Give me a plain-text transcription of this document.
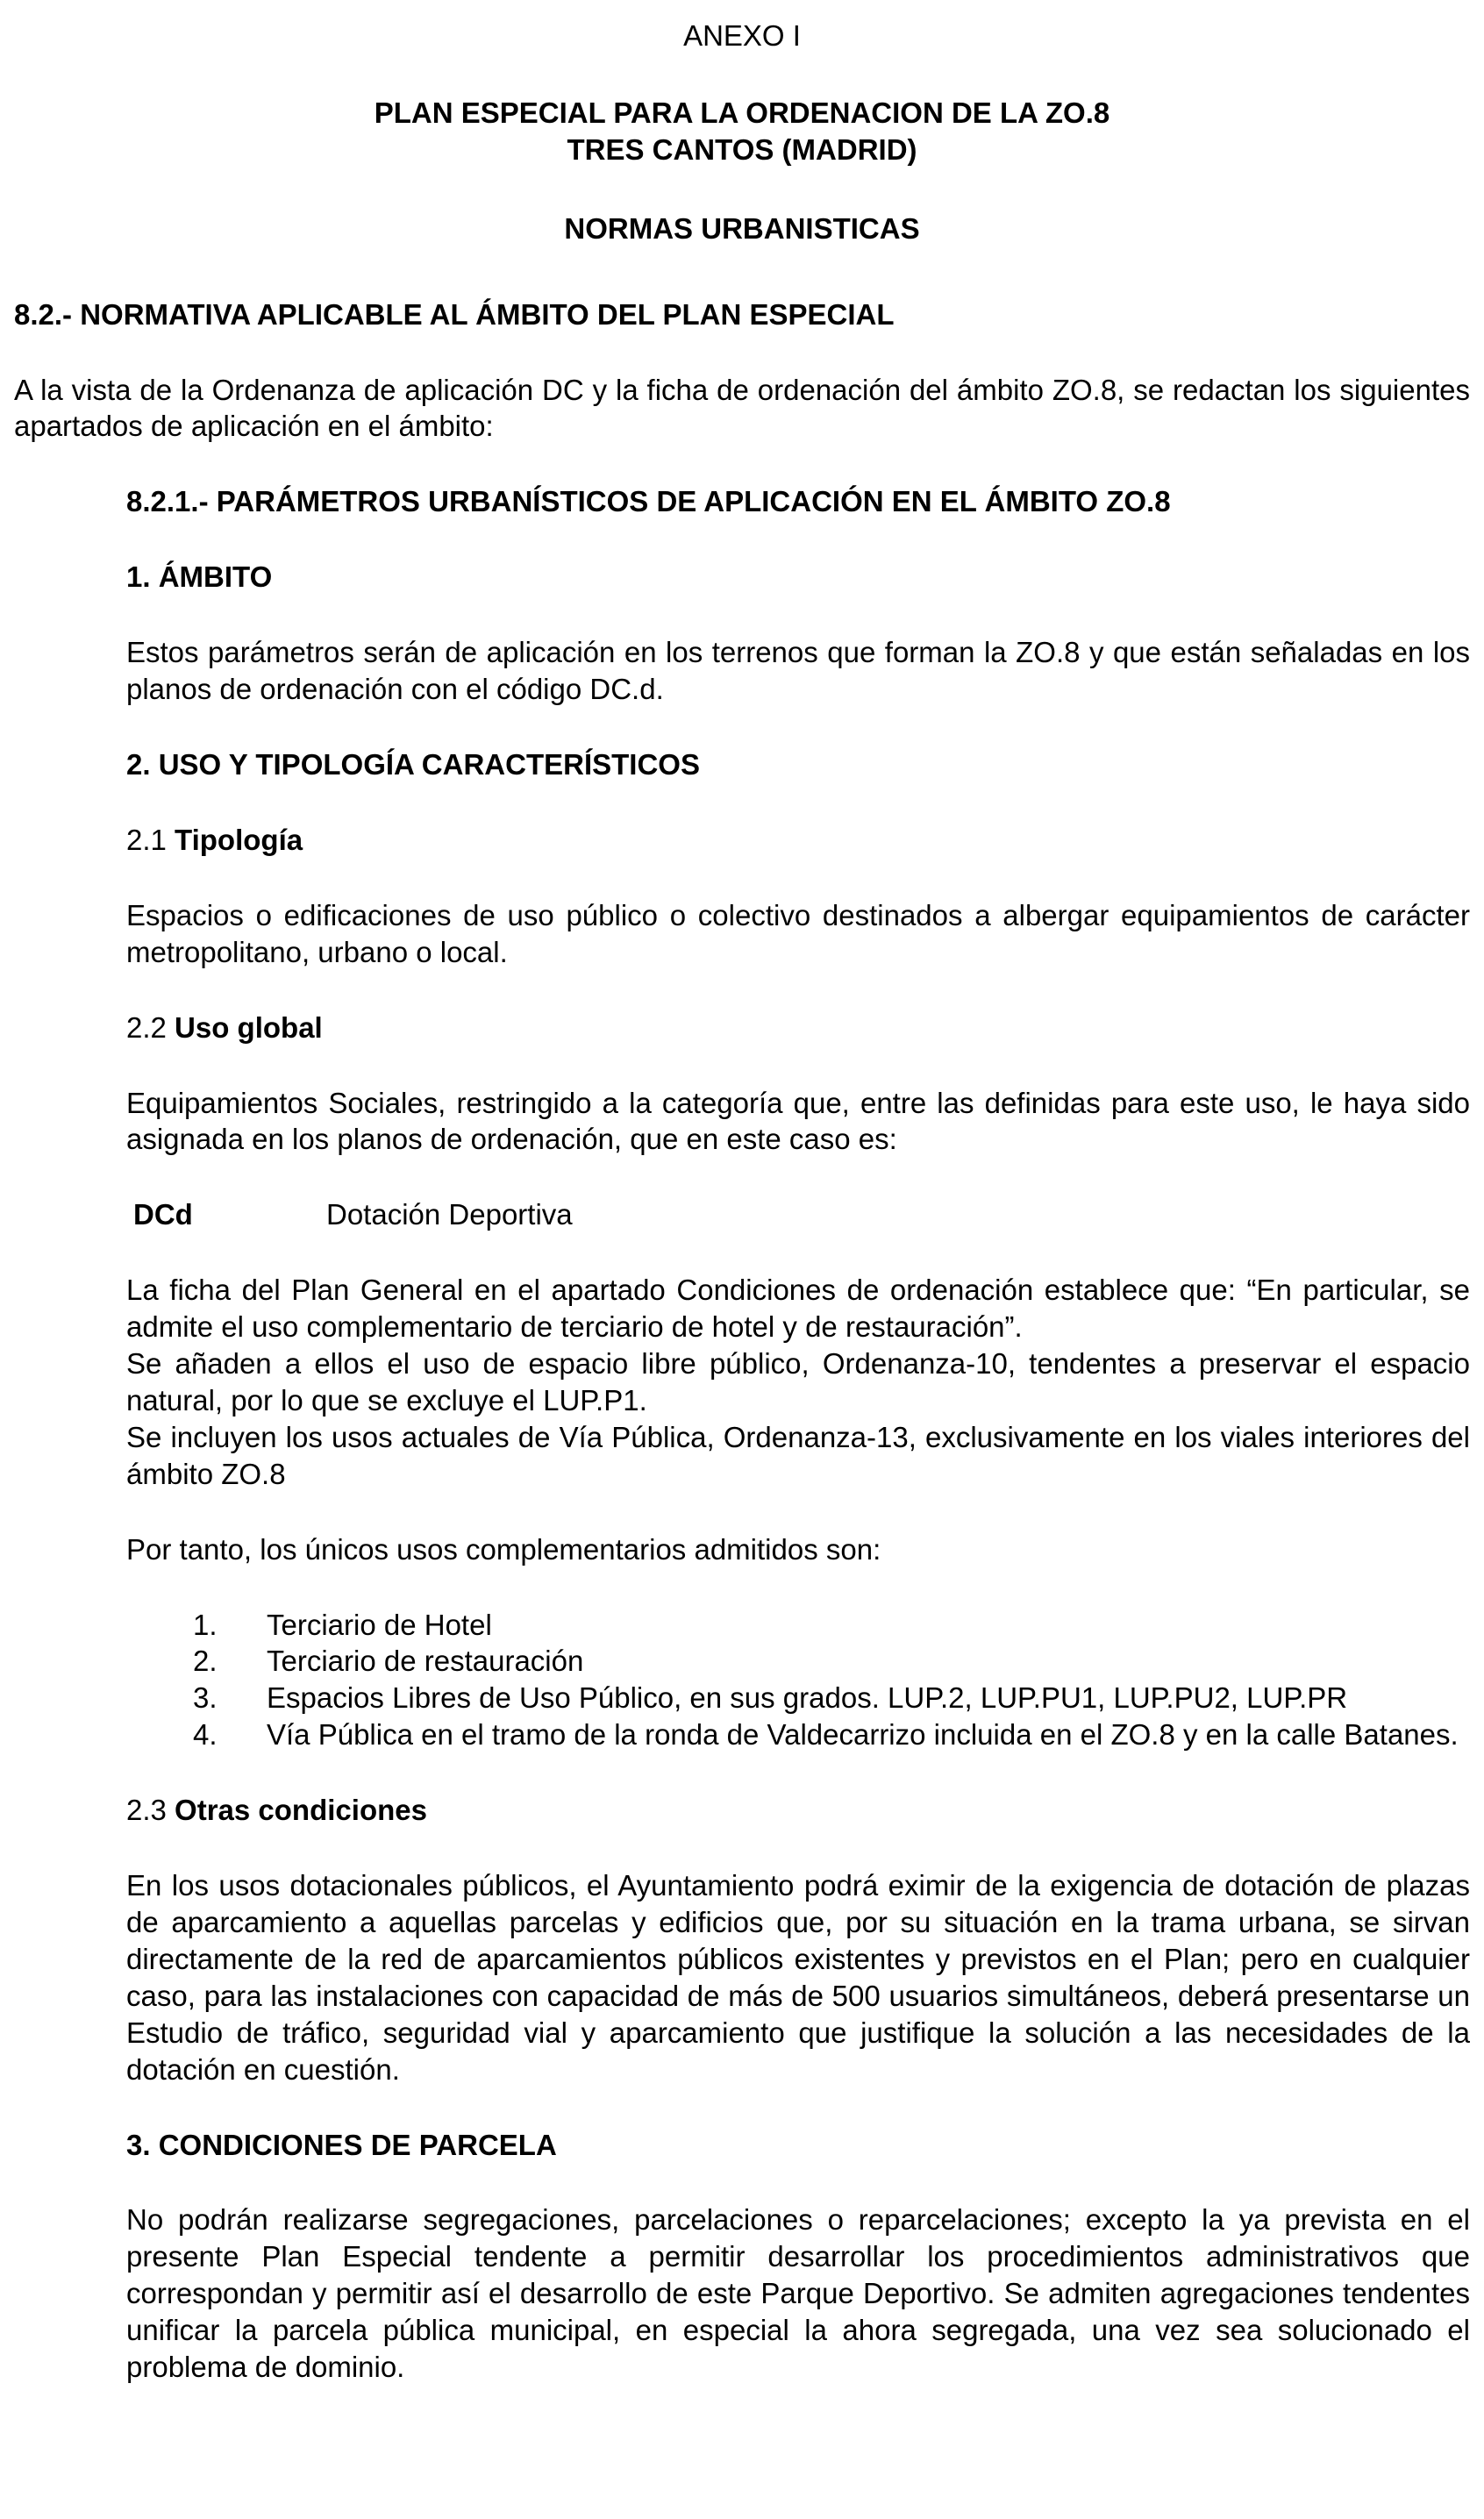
ANEXO I
PLAN ESPECIAL PARA LA ORDENACION DE LA ZO.8
TRES CANTOS (MADRID)
NORMAS URBANISTICAS
8.2.- NORMATIVA APLICABLE AL ÁMBITO DEL PLAN ESPECIAL

A la vista de la Ordenanza de aplicación DC y la ficha de ordenación del ámbito ZO.8, se redactan los siguientes apartados de aplicación en el ámbito:

8.2.1.- PARÁMETROS URBANÍSTICOS DE APLICACIÓN EN EL ÁMBITO ZO.8
1. ÁMBITO

Estos parámetros serán de aplicación en los terrenos que forman la ZO.8 y que están señaladas en los planos de ordenación con el código DC.d.

2. USO Y TIPOLOGÍA CARACTERÍSTICOS
2.1 Tipología

Espacios o edificaciones de uso público o colectivo destinados a albergar equipamientos de carácter metropolitano, urbano o local.

2.2 Uso global

Equipamientos Sociales, restringido a la categoría que, entre las definidas para este uso, le haya sido asignada en los planos de ordenación, que en este caso es:

DCd	Dotación Deportiva

La ficha del Plan General en el apartado Condiciones de ordenación establece que: “En particular, se admite el uso complementario de terciario de hotel y de restauración”.

Se añaden a ellos el uso de espacio libre público, Ordenanza-10, tendentes a preservar el espacio natural, por lo que se excluye el LUP.P1.

Se incluyen los usos actuales de Vía Pública, Ordenanza-13, exclusivamente en los viales interiores del ámbito ZO.8

Por tanto, los únicos usos complementarios admitidos son:

1.	Terciario de Hotel
2.	Terciario de restauración
3.	Espacios Libres de Uso Público, en sus grados. LUP.2, LUP.PU1, LUP.PU2, LUP.PR
4.	Vía Pública en el tramo de la ronda de Valdecarrizo incluida en el ZO.8 y en la calle Batanes.
2.3 Otras condiciones

En los usos dotacionales públicos, el Ayuntamiento podrá eximir de la exigencia de dotación de plazas de aparcamiento a aquellas parcelas y edificios que, por su situación en la trama urbana, se sirvan directamente de la red de aparcamientos públicos existentes y previstos en el Plan; pero en cualquier caso, para las instalaciones con capacidad de más de 500 usuarios simultáneos, deberá presentarse un Estudio de tráfico, seguridad vial y aparcamiento que justifique la solución a las necesidades de la dotación en cuestión.

3. CONDICIONES DE PARCELA

No podrán realizarse segregaciones, parcelaciones o reparcelaciones; excepto la ya prevista en el presente Plan Especial tendente a permitir desarrollar los procedimientos administrativos que correspondan y permitir así el desarrollo de este Parque Deportivo. Se admiten agregaciones tendentes unificar la parcela pública municipal, en especial la ahora segregada, una vez sea solucionado el problema de dominio.
